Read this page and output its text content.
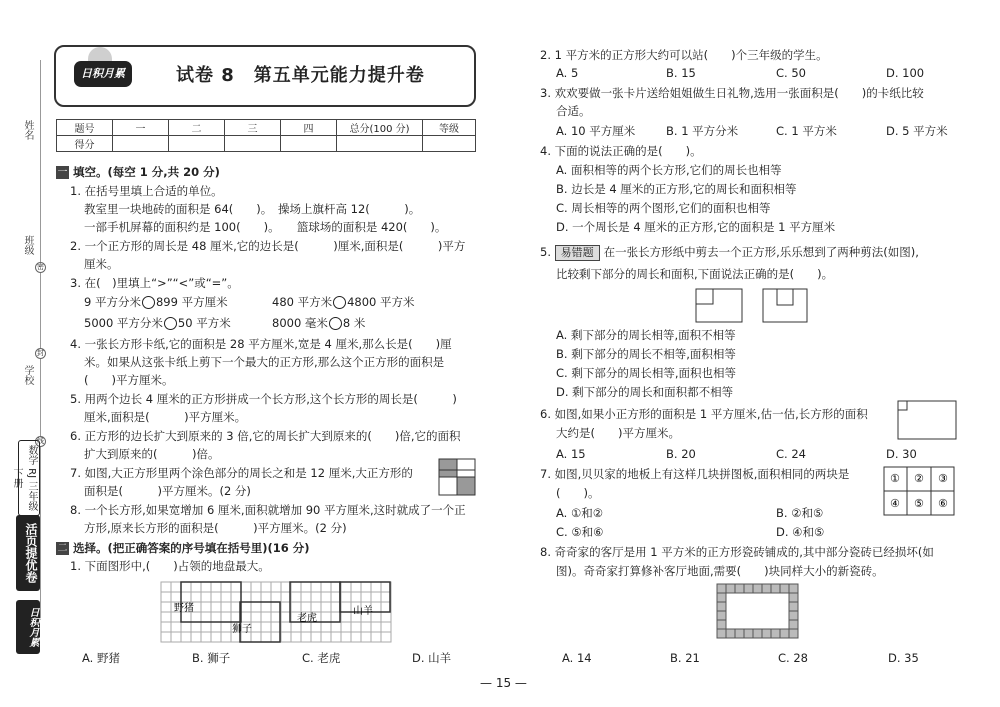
姓名
班级
学校
密
封
线
数学 RJ 三年级 下册
活页提优卷
日积月累
日积月累	试卷 8　第五单元能力提升卷
题号	一	二	三	四	总分(100 分)	等级
得分						
一 填空。(每空 1 分,共 20 分)
1. 在括号里填上合适的单位。
教室里一块地砖的面积是 64(　　)。　操场上旗杆高 12(　　　)。
一部手机屏幕的面积约是 100(　　)。　　篮球场的面积是 420(　　)。
2. 一个正方形的周长是 48 厘米,它的边长是(　　　)厘米,面积是(　　　)平方
厘米。
3. 在(　)里填上“>”“<”或“=”。
9 平方分米 899 平方厘米	480 平方米 4800 平方米
5000 平方分米 50 平方米	8000 毫米 8 米
4. 一张长方形卡纸,它的面积是 28 平方厘米,宽是 4 厘米,那么长是(　　)厘
米。如果从这张卡纸上剪下一个最大的正方形,那么这个正方形的面积是
(　　)平方厘米。
5. 用两个边长 4 厘米的正方形拼成一个长方形,这个长方形的周长是(　　　)
厘米,面积是(　　　)平方厘米。
6. 正方形的边长扩大到原来的 3 倍,它的周长扩大到原来的(　　)倍,它的面积
扩大到原来的(　　　)倍。
7. 如图,大正方形里两个涂色部分的周长之和是 12 厘米,大正方形的
面积是(　　　)平方厘米。(2 分)
8. 一个长方形,如果宽增加 6 厘米,面积就增加 90 平方厘米,这时就成了一个正
方形,原来长方形的面积是(　　　)平方厘米。(2 分)
二 选择。(把正确答案的序号填在括号里)(16 分)
1. 下面图形中,(　　)占领的地盘最大。
野猪
狮子
老虎
山羊
A. 野猪	B. 狮子	C. 老虎	D. 山羊
2. 1 平方米的正方形大约可以站(　　)个三年级的学生。
A. 5	B. 15	C. 50	D. 100
3. 欢欢要做一张卡片送给姐姐做生日礼物,选用一张面积是(　　)的卡纸比较
合适。
A. 10 平方厘米	B. 1 平方分米	C. 1 平方米	D. 5 平方米
4. 下面的说法正确的是(　　)。
A. 面积相等的两个长方形,它们的周长也相等
B. 边长是 4 厘米的正方形,它的周长和面积相等
C. 周长相等的两个图形,它们的面积也相等
D. 一个周长是 4 厘米的正方形,它的面积是 1 平方厘米
5. 易错题 在一张长方形纸中剪去一个正方形,乐乐想到了两种剪法(如图),
比较剩下部分的周长和面积,下面说法正确的是(　　)。
A. 剩下部分的周长相等,面积不相等
B. 剩下部分的周长不相等,面积相等
C. 剩下部分的周长相等,面积也相等
D. 剩下部分的周长和面积都不相等
6. 如图,如果小正方形的面积是 1 平方厘米,估一估,长方形的面积
大约是(　　)平方厘米。
A. 15	B. 20	C. 24	D. 30
7. 如图,贝贝家的地板上有这样几块拼图板,面积相同的两块是
(　　)。
① ② ③
④ ⑤ ⑥
A. ①和②	B. ②和⑤
C. ⑤和⑥	D. ④和⑤
8. 奇奇家的客厅是用 1 平方米的正方形瓷砖铺成的,其中部分瓷砖已经损坏(如
图)。奇奇家打算修补客厅地面,需要(　　)块同样大小的新瓷砖。
A. 14	B. 21	C. 28	D. 35
— 15 —
